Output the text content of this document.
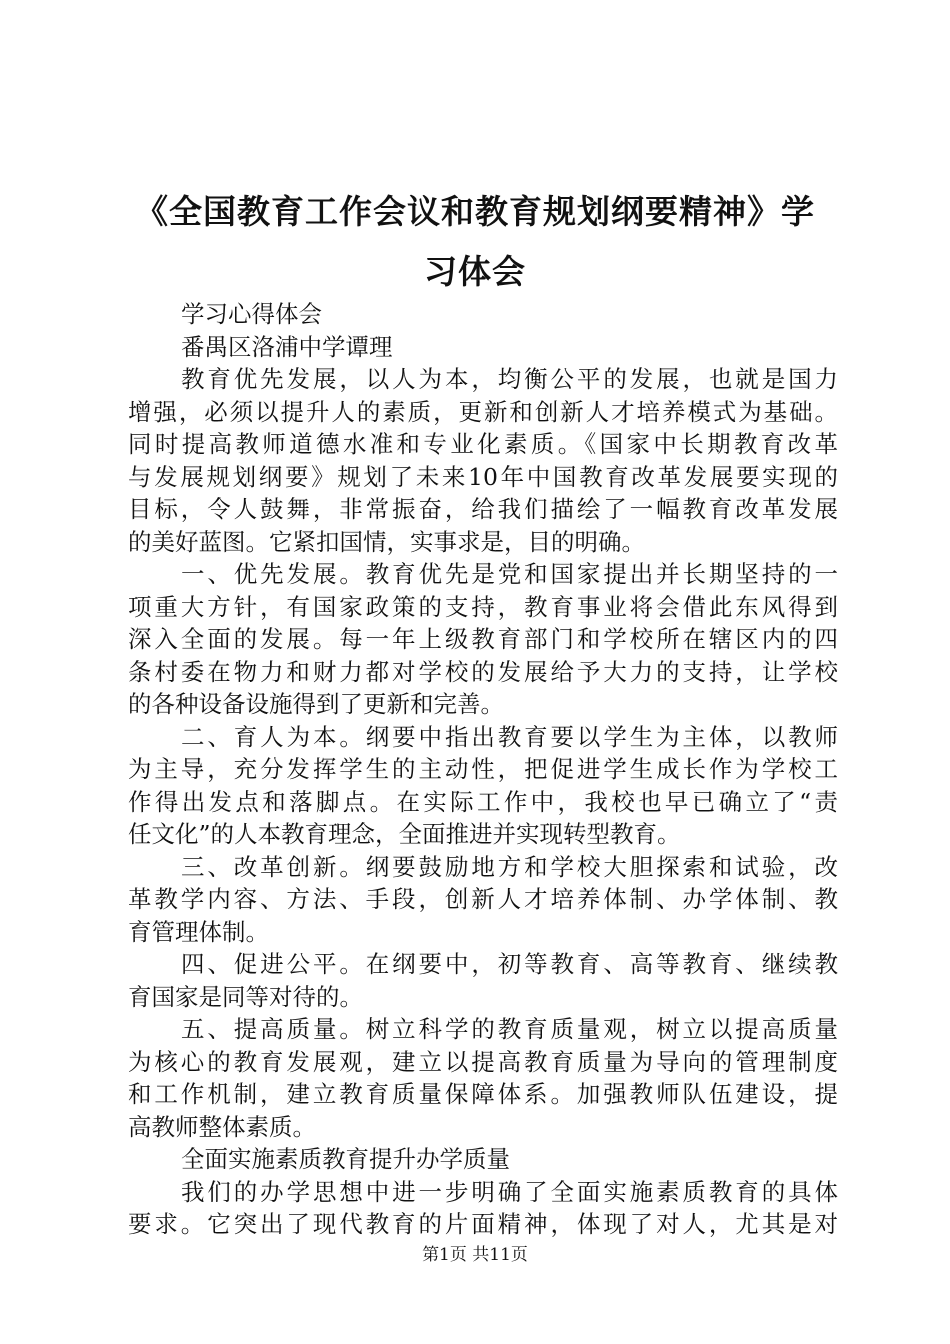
《全国教育工作会议和教育规划纲要精神》学
习体会
学习心得体会
番禺区洛浦中学谭理
教育优先发展，以人为本，均衡公平的发展，也就是国力
增强，必须以提升人的素质，更新和创新人才培养模式为基础。
同时提高教师道德水准和专业化素质。《国家中长期教育改革
与发展规划纲要》规划了未来10年中国教育改革发展要实现的
目标，令人鼓舞，非常振奋，给我们描绘了一幅教育改革发展
的美好蓝图。它紧扣国情，实事求是，目的明确。
一、优先发展。教育优先是党和国家提出并长期坚持的一
项重大方针，有国家政策的支持，教育事业将会借此东风得到
深入全面的发展。每一年上级教育部门和学校所在辖区内的四
条村委在物力和财力都对学校的发展给予大力的支持，让学校
的各种设备设施得到了更新和完善。
二、育人为本。纲要中指出教育要以学生为主体，以教师
为主导，充分发挥学生的主动性，把促进学生成长作为学校工
作得出发点和落脚点。在实际工作中，我校也早已确立了“责
任文化”的人本教育理念，全面推进并实现转型教育。
三、改革创新。纲要鼓励地方和学校大胆探索和试验，改
革教学内容、方法、手段，创新人才培养体制、办学体制、教
育管理体制。
四、促进公平。在纲要中，初等教育、高等教育、继续教
育国家是同等对待的。
五、提高质量。树立科学的教育质量观，树立以提高质量
为核心的教育发展观，建立以提高教育质量为导向的管理制度
和工作机制，建立教育质量保障体系。加强教师队伍建设，提
高教师整体素质。
全面实施素质教育提升办学质量
我们的办学思想中进一步明确了全面实施素质教育的具体
要求。它突出了现代教育的片面精神，体现了对人，尤其是对
第1页 共11页
